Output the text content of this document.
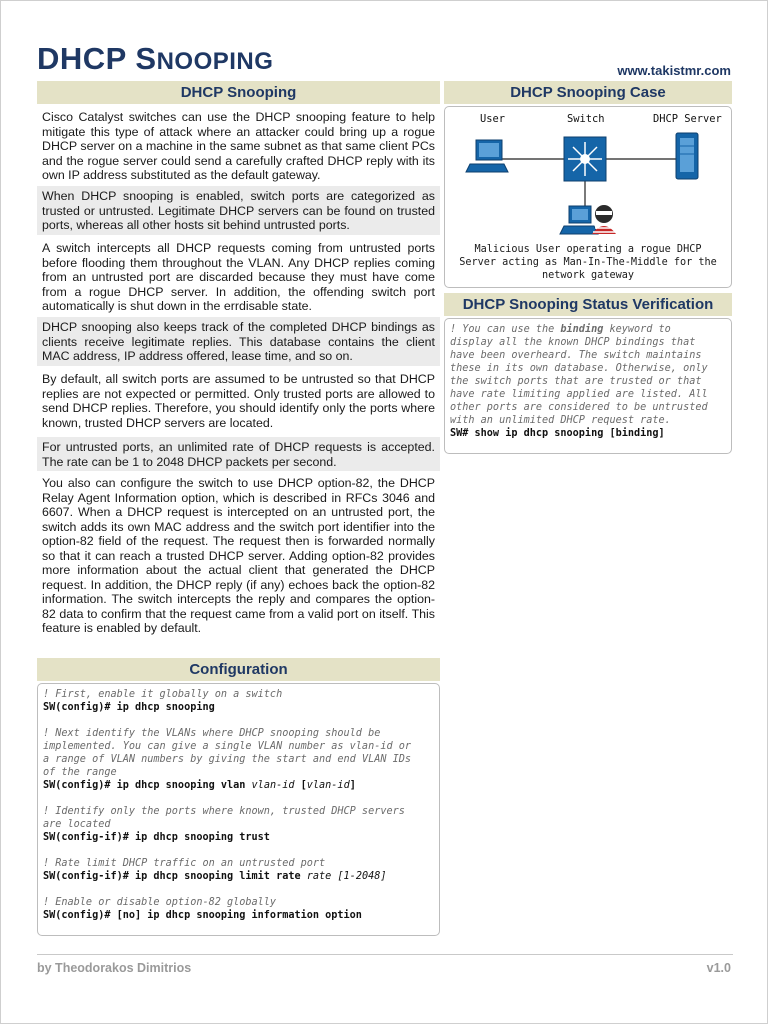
DHCP SNOOPING	www.takistmr.com
DHCP Snooping
Cisco Catalyst switches can use the DHCP snooping feature to help mitigate this type of attack where an attacker could bring up a rogue DHCP server on a machine in the same subnet as that same client PCs and the rogue server could send a carefully crafted DHCP reply with its own IP address substituted as the default gateway.
When DHCP snooping is enabled, switch ports are categorized as trusted or untrusted. Legitimate DHCP servers can be found on trusted ports, whereas all other hosts sit behind untrusted ports.
A switch intercepts all DHCP requests coming from untrusted ports before flooding them throughout the VLAN. Any DHCP replies coming from an untrusted port are discarded because they must have come from a rogue DHCP server. In addition, the offending switch port automatically is shut down in the errdisable state.
DHCP snooping also keeps track of the completed DHCP bindings as clients receive legitimate replies. This database contains the client MAC address, IP address offered, lease time, and so on.
By default, all switch ports are assumed to be untrusted so that DHCP replies are not expected or permitted. Only trusted ports are allowed to send DHCP replies. Therefore, you should identify only the ports where known, trusted DHCP servers are located.
For untrusted ports, an unlimited rate of DHCP requests is accepted. The rate can be 1 to 2048 DHCP packets per second.
You also can configure the switch to use DHCP option-82, the DHCP Relay Agent Information option, which is described in RFCs 3046 and 6607. When a DHCP request is intercepted on an untrusted port, the switch adds its own MAC address and the switch port identifier into the option-82 field of the request. The request then is forwarded normally so that it can reach a trusted DHCP server. Adding option-82 provides more information about the actual client that generated the DHCP request. In addition, the DHCP reply (if any) echoes back the option-82 information. The switch intercepts the reply and compares the option-82 data to confirm that the request came from a valid port on itself. This feature is enabled by default.
Configuration
! First, enable it globally on a switch
SW(config)# ip dhcp snooping
! Next identify the VLANs where DHCP snooping should be
implemented. You can give a single VLAN number as vlan-id or
a range of VLAN numbers by giving the start and end VLAN IDs
of the range
SW(config)# ip dhcp snooping vlan vlan-id [vlan-id]
! Identify only the ports where known, trusted DHCP servers
are located
SW(config-if)# ip dhcp snooping trust
! Rate limit DHCP traffic on an untrusted port
SW(config-if)# ip dhcp snooping limit rate rate [1-2048]
! Enable or disable option-82 globally
SW(config)# [no] ip dhcp snooping information option
DHCP Snooping Case
User	Switch	DHCP Server
Malicious User operating a rogue DHCP
Server acting as Man-In-The-Middle for the
network gateway
DHCP Snooping Status Verification
! You can use the binding keyword to
display all the known DHCP bindings that
have been overheard. The switch maintains
these in its own database. Otherwise, only
the switch ports that are trusted or that
have rate limiting applied are listed. All
other ports are considered to be untrusted
with an unlimited DHCP request rate.
SW# show ip dhcp snooping [binding]
by Theodorakos Dimitrios	v1.0
